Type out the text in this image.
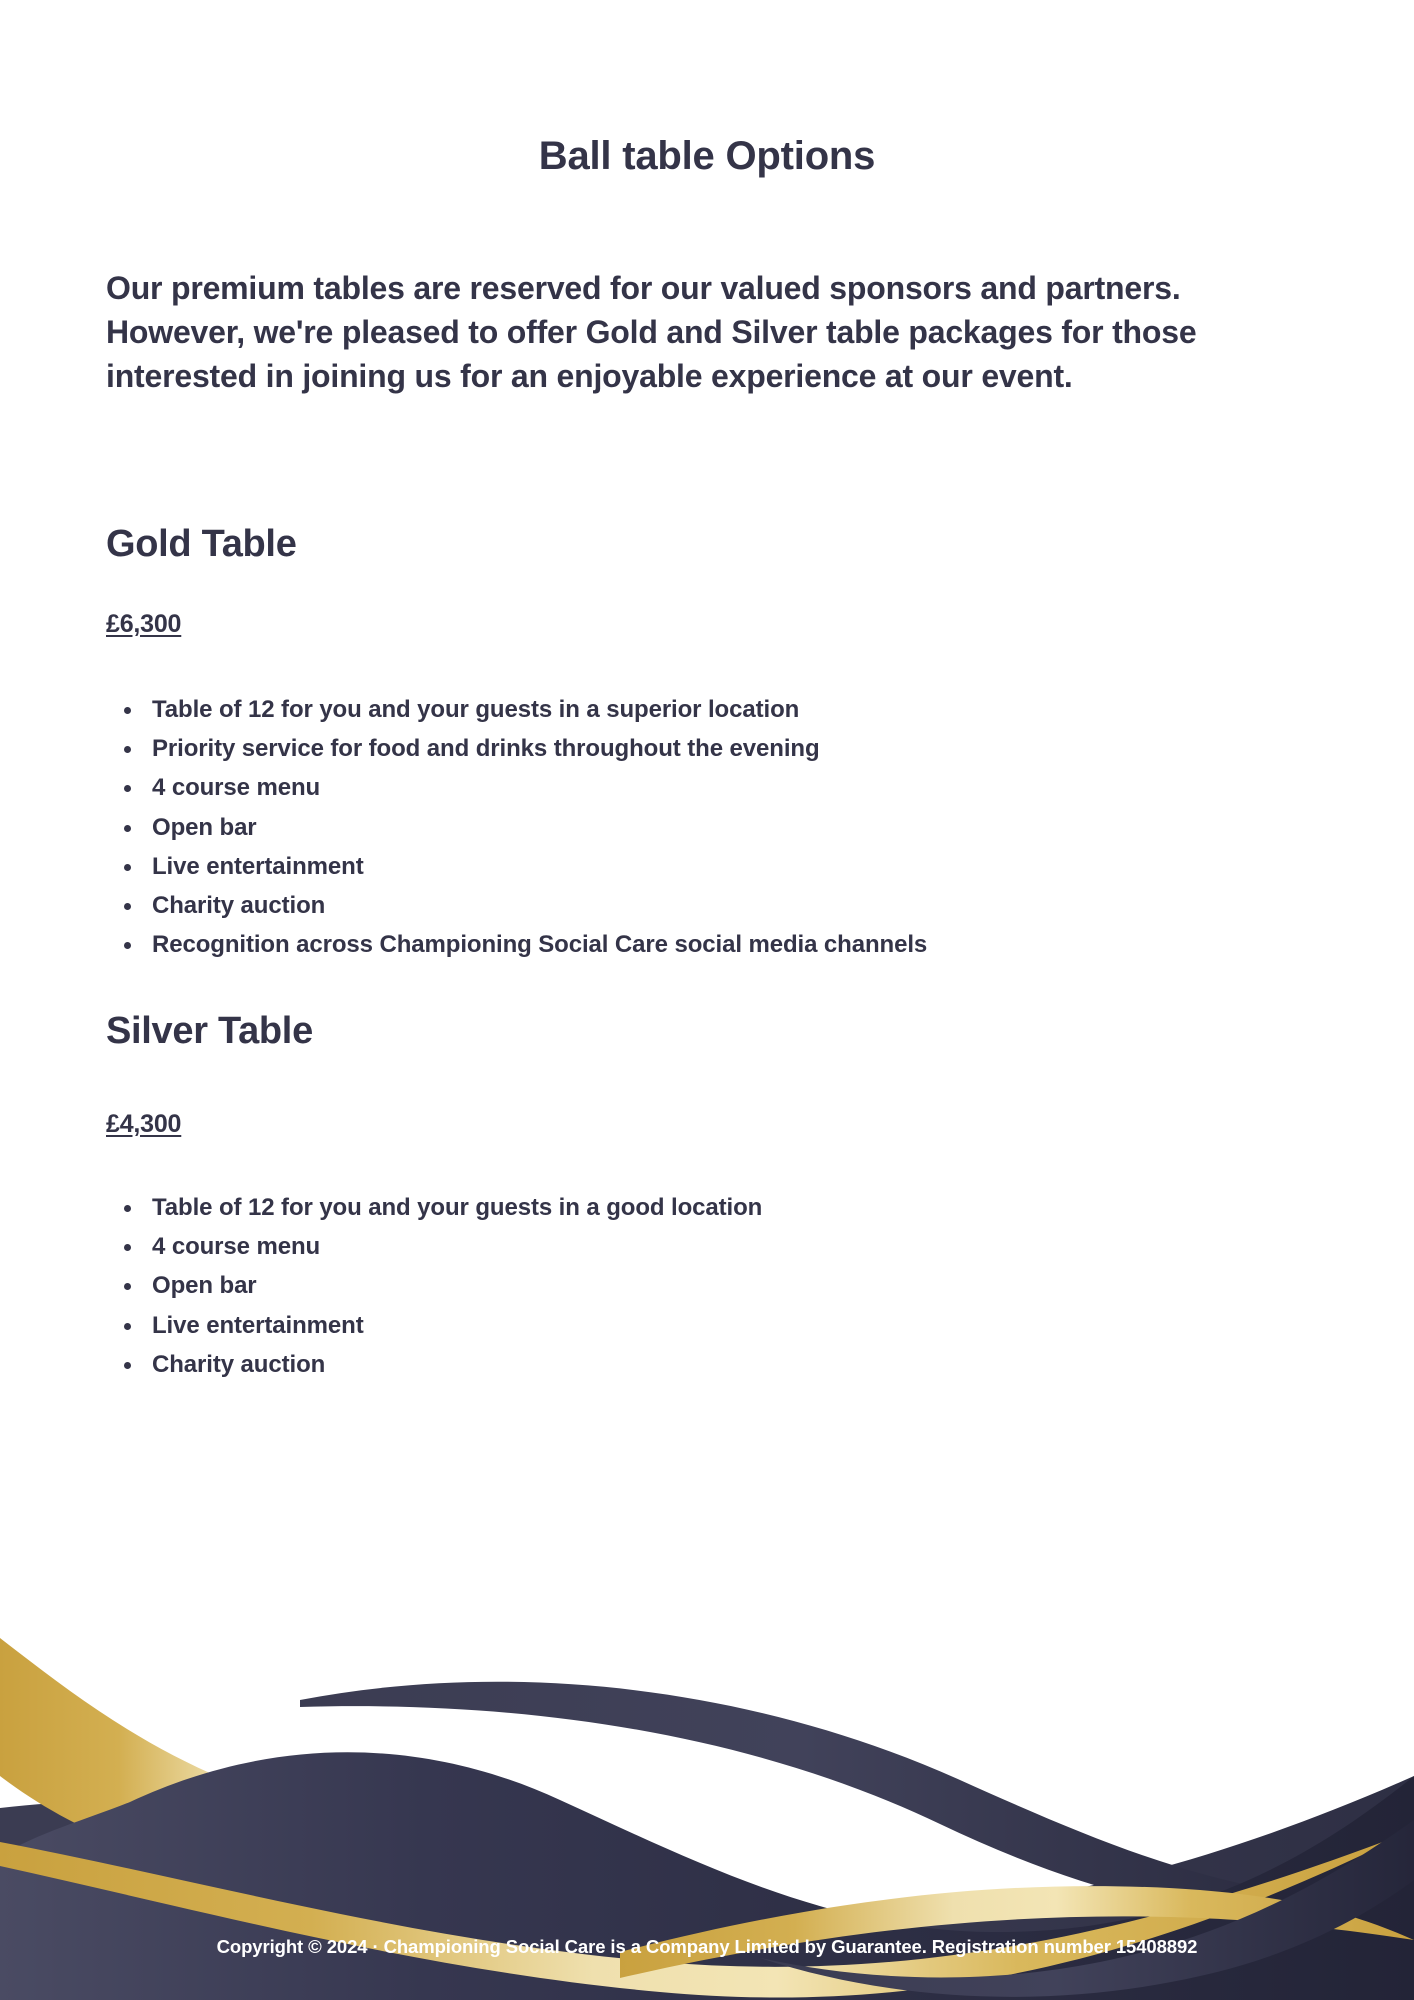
Ball table Options

Our premium tables are reserved for our valued sponsors and partners. However, we're pleased to offer Gold and Silver table packages for those interested in joining us for an enjoyable experience at our event.

Gold Table
£6,300
Table of 12 for you and your guests in a superior location
Priority service for food and drinks throughout the evening
4 course menu
Open bar
Live entertainment
Charity auction
Recognition across Championing Social Care social media channels
Silver Table
£4,300
Table of 12 for you and your guests in a good location
4 course menu
Open bar
Live entertainment
Charity auction
Copyright © 2024 · Championing Social Care is a Company Limited by Guarantee. Registration number 15408892
